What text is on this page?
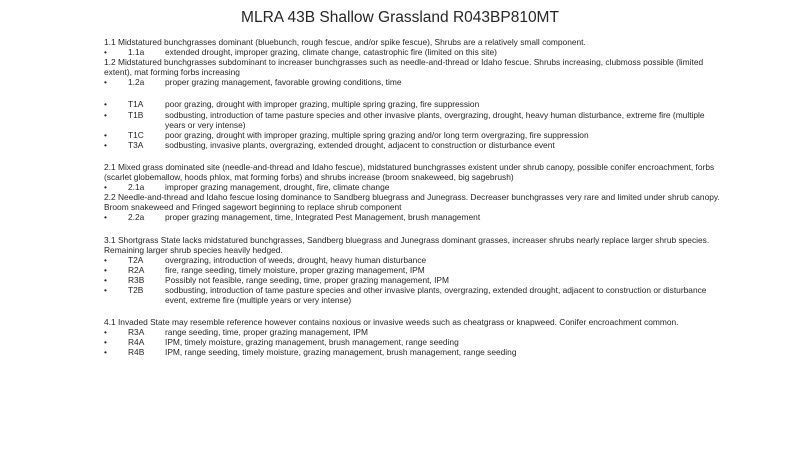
MLRA 43B Shallow Grassland R043BP810MT

1.1 Midstatured bunchgrasses dominant (bluebunch, rough fescue, and/or spike fescue), Shrubs are a relatively small component.

•	1.1a	extended drought, improper grazing, climate change, catastrophic fire (limited on this site)

1.2 Midstatured bunchgrasses subdominant to increaser bunchgrasses such as needle-and-thread or Idaho fescue. Shrubs increasing, clubmoss possible (limited extent), mat forming forbs increasing

•	1.2a	proper grazing management, favorable growing conditions, time
•	T1A	poor grazing, drought with improper grazing, multiple spring grazing, fire suppression
•	T1B	sodbusting, introduction of tame pasture species and other invasive plants, overgrazing, drought, heavy human disturbance, extreme fire (multiple years or very intense)
•	T1C	poor grazing, drought with improper grazing, multiple spring grazing and/or long term overgrazing, fire suppression
•	T3A	sodbusting, invasive plants, overgrazing, extended drought, adjacent to construction or disturbance event

2.1 Mixed grass dominated site (needle-and-thread and Idaho fescue), midstatured bunchgrasses existent under shrub canopy, possible conifer encroachment, forbs (scarlet globemallow, hoods phlox, mat forming forbs) and shrubs increase (broom snakeweed, big sagebrush)

•	2.1a	improper grazing management, drought, fire, climate change

2.2 Needle-and-thread and Idaho fescue losing dominance to Sandberg bluegrass and Junegrass. Decreaser bunchgrasses very rare and limited under shrub canopy. Broom snakeweed and Fringed sagewort beginning to replace shrub component

•	2.2a	proper grazing management, time, Integrated Pest Management, brush management

3.1 Shortgrass State lacks midstatured bunchgrasses, Sandberg bluegrass and Junegrass dominant grasses, increaser shrubs nearly replace larger shrub species. Remaining larger shrub species heavily hedged.

•	T2A	overgrazing, introduction of weeds, drought, heavy human disturbance
•	R2A	fire, range seeding, timely moisture, proper grazing management, IPM
•	R3B	Possibly not feasible, range seeding, time, proper grazing management, IPM
•	T2B	sodbusting, introduction of tame pasture species and other invasive plants, overgrazing, extended drought, adjacent to construction or disturbance event, extreme fire (multiple years or very intense)

4.1 Invaded State may resemble reference however contains noxious or invasive weeds such as cheatgrass or knapweed. Conifer encroachment common.

•	R3A	range seeding, time, proper grazing management, IPM
•	R4A	IPM, timely moisture, grazing management, brush management, range seeding
•	R4B	IPM, range seeding, timely moisture, grazing management, brush management, range seeding
